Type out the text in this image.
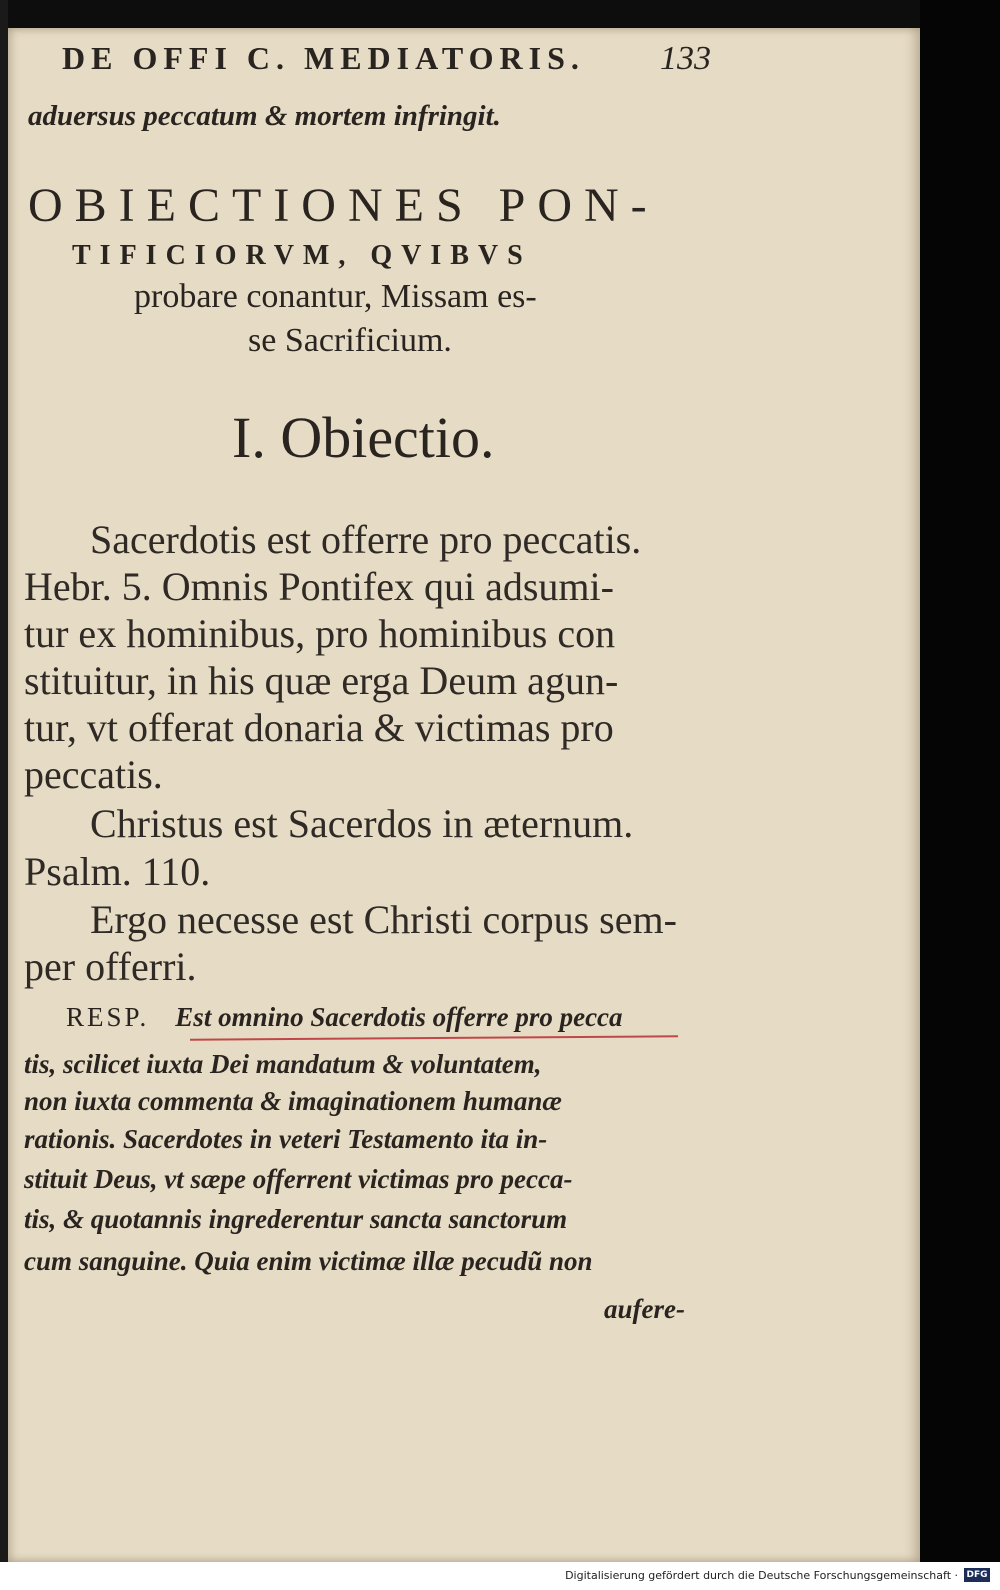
DE OFFI C. MEDIATORIS. 133
aduersus peccatum & mortem infringit.
OBIECTIONES PON-
TIFICIORVM, QVIBVS
probare conantur, Missam es-
se Sacrificium.
I. Obiectio.
Sacerdotis est offerre pro peccatis.
Hebr. 5. Omnis Pontifex qui adsumi-
tur ex hominibus, pro hominibus con
stituitur, in his quæ erga Deum agun-
tur, vt offerat donaria & victimas pro
peccatis.
Christus est Sacerdos in æternum.
Psalm. 110.
Ergo necesse est Christi corpus sem-
per offerri.
RESP. Est omnino Sacerdotis offerre pro pecca
tis, scilicet iuxta Dei mandatum & voluntatem,
non iuxta commenta & imaginationem humanæ
rationis. Sacerdotes in veteri Testamento ita in-
stituit Deus, vt sæpe offerrent victimas pro pecca-
tis, & quotannis ingrederentur sancta sanctorum
cum sanguine. Quia enim victimæ illæ pecudũ non
aufere-
Digitalisierung gefördert durch die Deutsche Forschungsgemeinschaft · DFG
